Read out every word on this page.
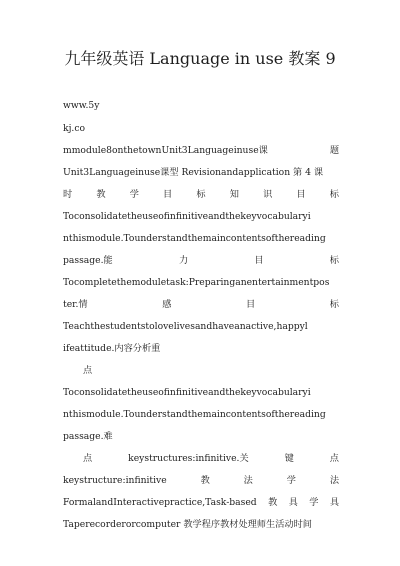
九年级英语 Language in use 教案 9
www.5y
kj.co
mmodule8onthetownUnit3Languageinuse课	题
Unit3Languageinuse课型 Revisionandapplication 第 4 课
时	教	学	目	标	知	识	目	标
Toconsolidatetheuseofinfinitiveandthekeyvocabularyi
nthismodule.Tounderstandthemaincontentsofthereading
passage.能	力	目	标
Tocompletethemoduletask:Preparinganentertainmentpos
ter.情	感	目	标
Teachthestudentstolovelivesandhaveanactive,happyl
ifeattitude.内容分析重
点
Toconsolidatetheuseofinfinitiveandthekeyvocabularyi
nthismodule.Tounderstandthemaincontentsofthereading
passage.难
点	keystructures:infinitive.关	键	点
keystructure:infinitive	教	法	学	法
FormalandInteractivepractice,Task-based 教 具 学 具
Taperecorderorcomputer 教学程序教材处理师生活动时间
